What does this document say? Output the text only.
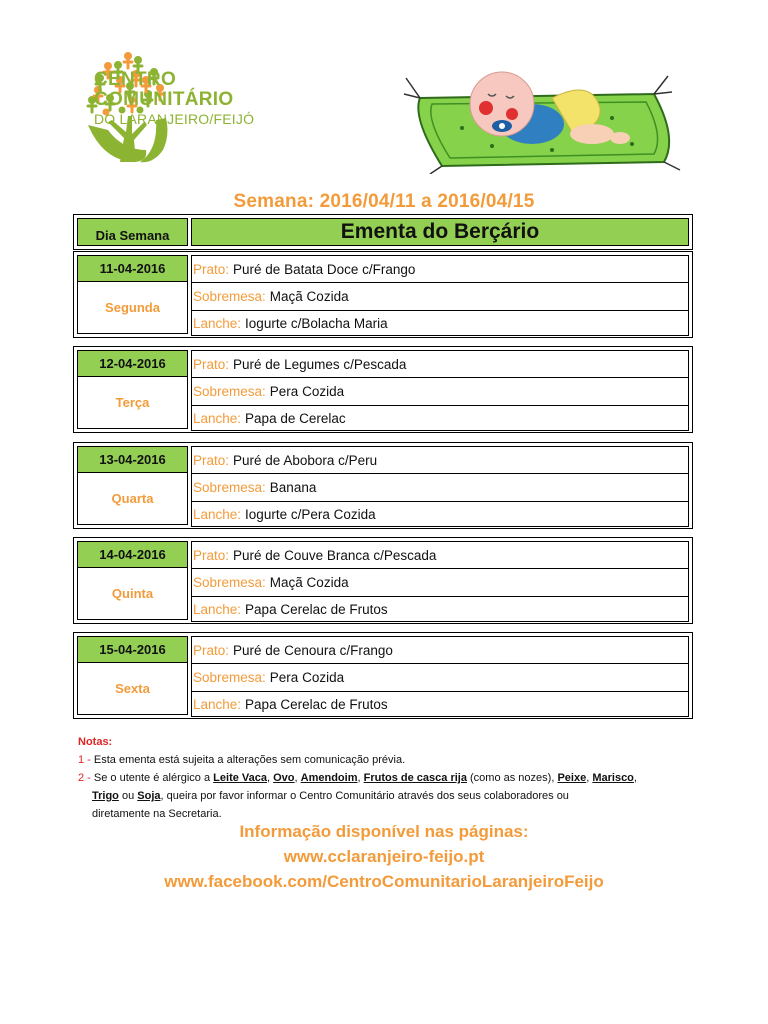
CENTRO
COMUNITÁRIO
DO LARANJEIRO/FEIJÓ
Semana: 2016/04/11 a 2016/04/15
Dia Semana	Ementa do Berçário
11-04-2016
Segunda
Prato: Puré de Batata Doce c/Frango
Sobremesa: Maçã Cozida
Lanche: Iogurte c/Bolacha Maria
12-04-2016
Terça
Prato: Puré de Legumes c/Pescada
Sobremesa: Pera Cozida
Lanche: Papa de Cerelac
13-04-2016
Quarta
Prato: Puré de Abobora c/Peru
Sobremesa: Banana
Lanche: Iogurte c/Pera Cozida
14-04-2016
Quinta
Prato: Puré de Couve Branca c/Pescada
Sobremesa: Maçã Cozida
Lanche: Papa Cerelac de Frutos
15-04-2016
Sexta
Prato: Puré de Cenoura c/Frango
Sobremesa: Pera Cozida
Lanche: Papa Cerelac de Frutos
Notas:
1 - Esta ementa está sujeita a alterações sem comunicação prévia.
2 - Se o utente é alérgico a Leite Vaca, Ovo, Amendoim, Frutos de casca rija (como as nozes), Peixe, Marisco,
Trigo ou Soja, queira por favor informar o Centro Comunitário através dos seus colaboradores ou
diretamente na Secretaria.
Informação disponível nas páginas:
www.cclaranjeiro-feijo.pt
www.facebook.com/CentroComunitarioLaranjeiroFeijo
